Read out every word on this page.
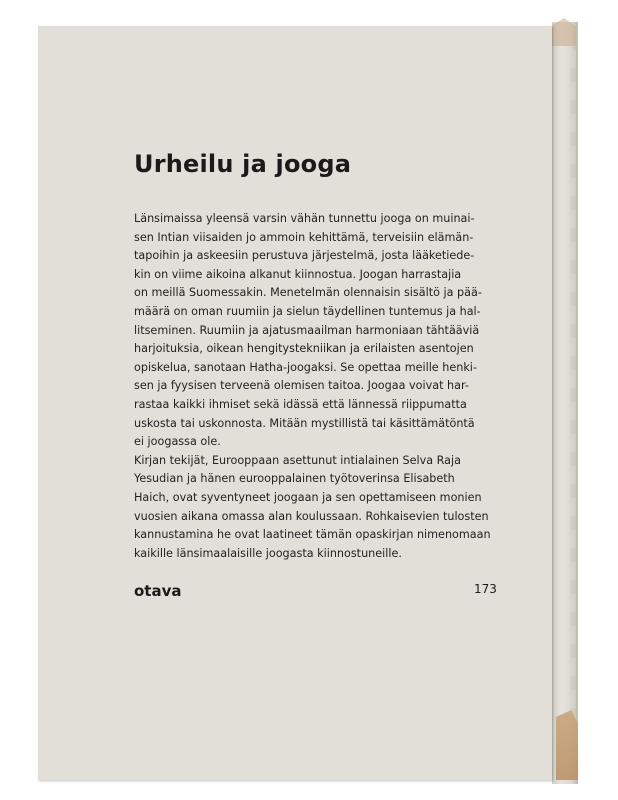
Urheilu ja jooga
Länsimaissa yleensä varsin vähän tunnettu jooga on muinai-
sen Intian viisaiden jo ammoin kehittämä, terveisiin elämän-
tapoihin ja askeesiin perustuva järjestelmä, josta lääketiede-
kin on viime aikoina alkanut kiinnostua. Joogan harrastajia
on meillä Suomessakin. Menetelmän olennaisin sisältö ja pää-
määrä on oman ruumiin ja sielun täydellinen tuntemus ja hal-
litseminen. Ruumiin ja ajatusmaailman harmoniaan tähtääviä
harjoituksia, oikean hengitystekniikan ja erilaisten asentojen
opiskelua, sanotaan Hatha-joogaksi. Se opettaa meille henki-
sen ja fyysisen terveenä olemisen taitoa. Joogaa voivat har-
rastaa kaikki ihmiset sekä idässä että lännessä riippumatta
uskosta tai uskonnosta. Mitään mystillistä tai käsittämätöntä
ei joogassa ole.
Kirjan tekijät, Eurooppaan asettunut intialainen Selva Raja
Yesudian ja hänen eurooppalainen työtoverinsa Elisabeth
Haich, ovat syventyneet joogaan ja sen opettamiseen monien
vuosien aikana omassa alan koulussaan. Rohkaisevien tulosten
kannustamina he ovat laatineet tämän opaskirjan nimenomaan
kaikille länsimaalaisille joogasta kiinnostuneille.
otava	173
